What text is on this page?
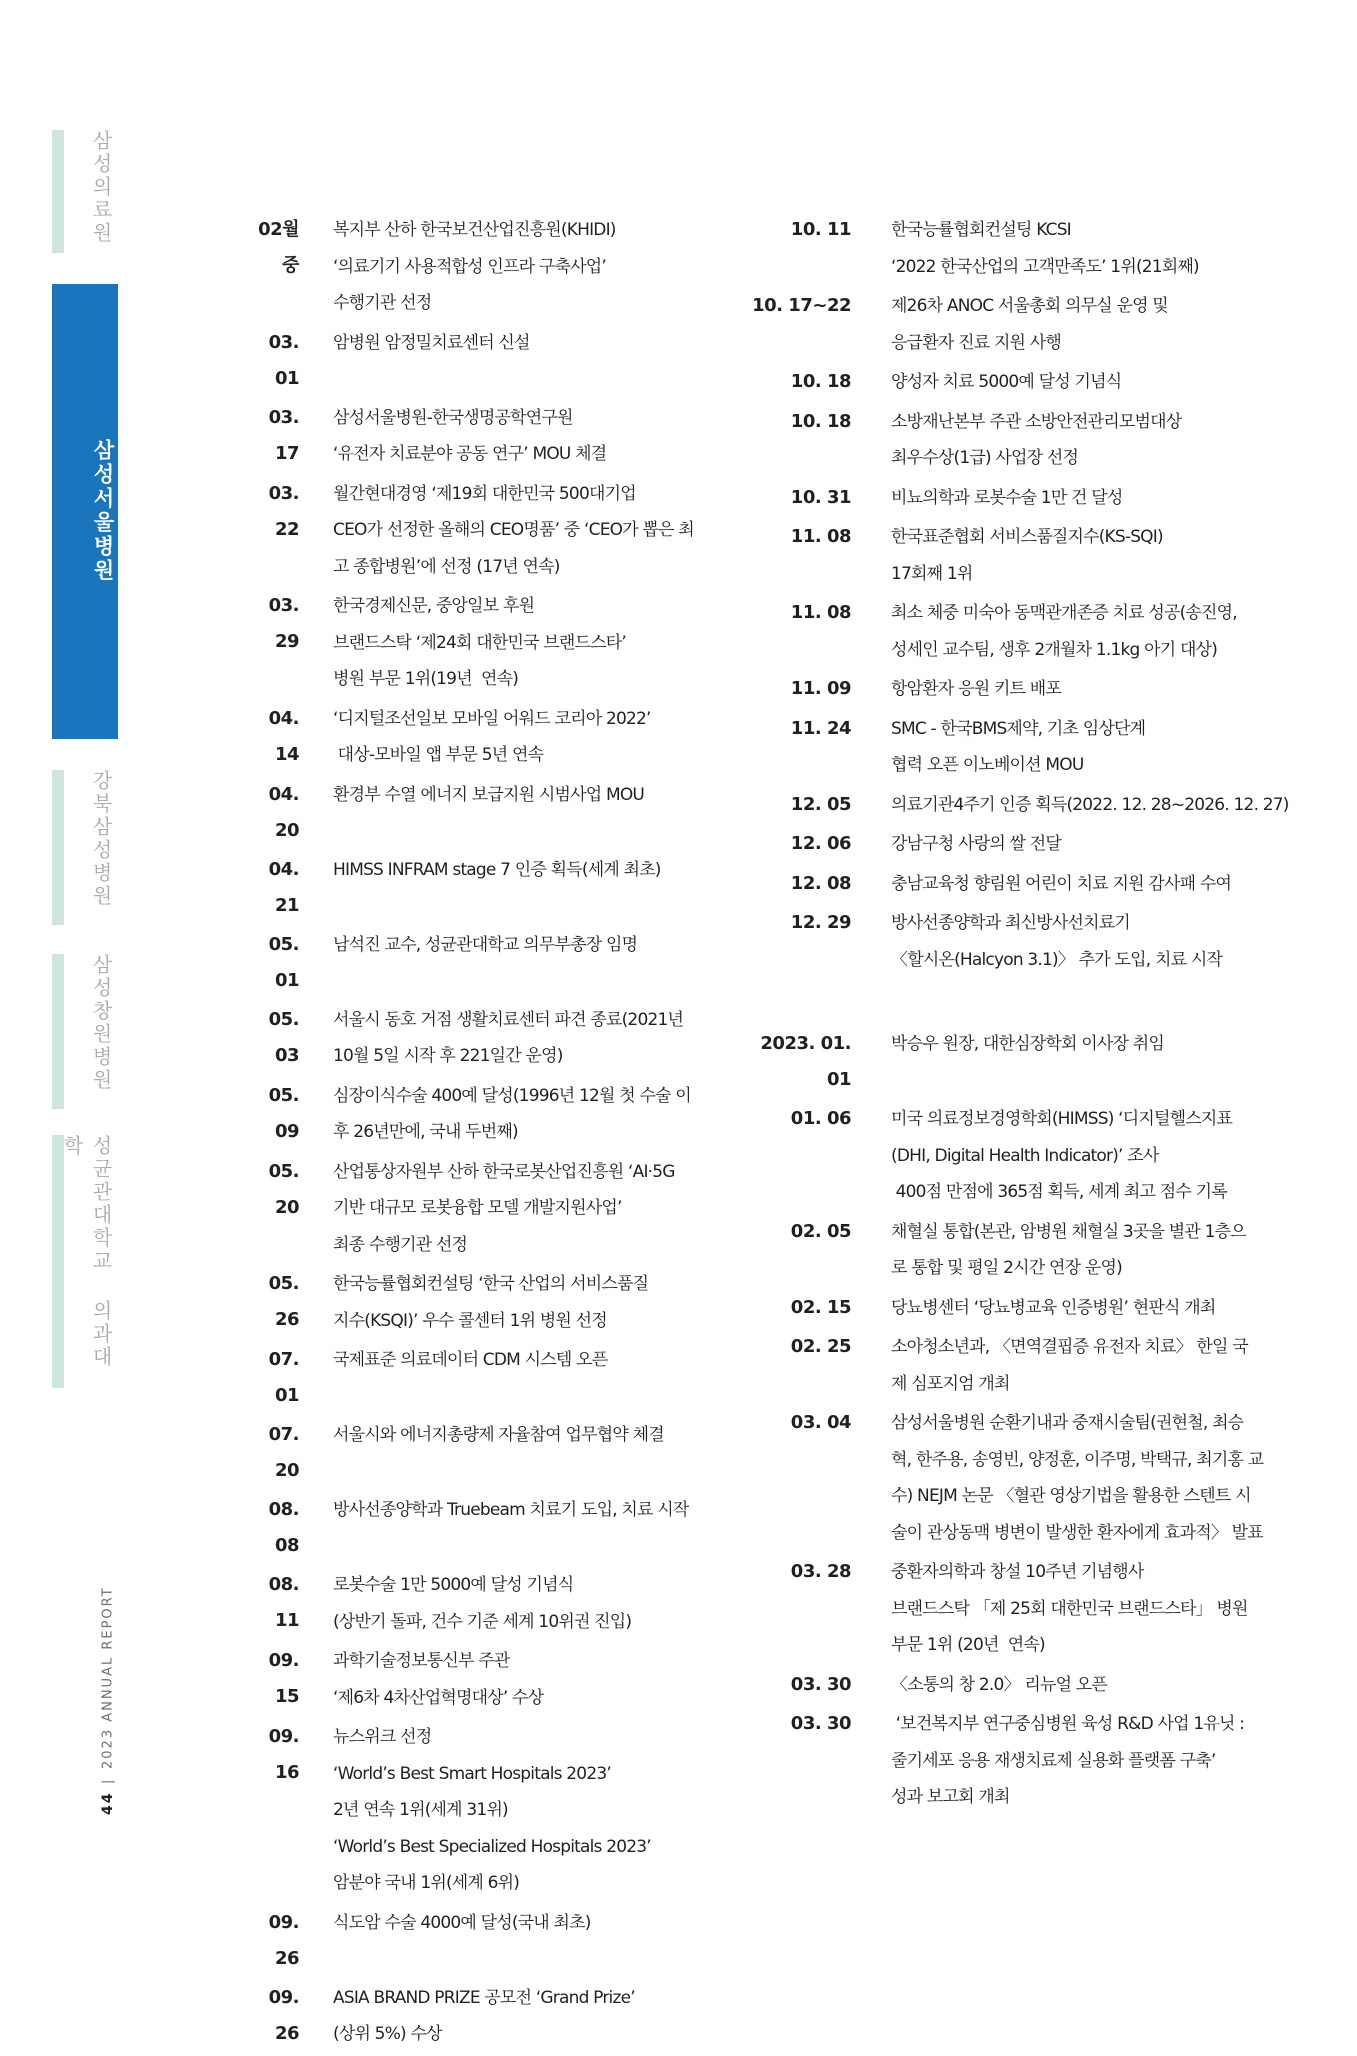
삼성의료원
삼성서울병원
강북삼성병원
삼성창원병원
성균관대학교 의과대학
44
|
2023 ANNUAL REPORT
02월 중
복지부 산하 한국보건산업진흥원(KHIDI)
‘의료기기 사용적합성 인프라 구축사업’
수행기관 선정
03. 01
암병원 암정밀치료센터 신설
03. 17
삼성서울병원-한국생명공학연구원
‘유전자 치료분야 공동 연구’ MOU 체결
03. 22
월간현대경영 ‘제19회 대한민국 500대기업
CEO가 선정한 올해의 CEO명품’ 중 ‘CEO가 뽑은 최
고 종합병원’에 선정 (17년 연속)
03. 29
한국경제신문, 중앙일보 후원
브랜드스탁 ‘제24회 대한민국 브랜드스타’
병원 부문 1위(19년  연속)
04. 14
‘디지털조선일보 모바일 어워드 코리아 2022’
대상-모바일 앱 부문 5년 연속
04. 20
환경부 수열 에너지 보급지원 시범사업 MOU
04. 21
HIMSS INFRAM stage 7 인증 획득(세계 최초)
05. 01
남석진 교수, 성균관대학교 의무부총장 임명
05. 03
서울시 동호 거점 생활치료센터 파견 종료(2021년
10월 5일 시작 후 221일간 운영)
05. 09
심장이식수술 400예 달성(1996년 12월 첫 수술 이
후 26년만에, 국내 두번째)
05. 20
산업통상자원부 산하 한국로봇산업진흥원 ‘AI·5G
기반 대규모 로봇융합 모델 개발지원사업’
최종 수행기관 선정
05. 26
한국능률협회컨설팅 ‘한국 산업의 서비스품질
지수(KSQI)’ 우수 콜센터 1위 병원 선정
07. 01
국제표준 의료데이터 CDM 시스템 오픈
07. 20
서울시와 에너지총량제 자율참여 업무협약 체결
08. 08
방사선종양학과 Truebeam 치료기 도입, 치료 시작
08. 11
로봇수술 1만 5000예 달성 기념식
(상반기 돌파, 건수 기준 세계 10위권 진입)
09. 15
과학기술정보통신부 주관
‘제6차 4차산업혁명대상’ 수상
09. 16
뉴스위크 선정
‘World’s Best Smart Hospitals 2023’
2년 연속 1위(세계 31위)
‘World’s Best Specialized Hospitals 2023’
암분야 국내 1위(세계 6위)
09. 26
식도암 수술 4000예 달성(국내 최초)
09. 26
ASIA BRAND PRIZE 공모전 ‘Grand Prize’
(상위 5%) 수상
10. 11 한국능률협회컨설팅 KCSI
‘2022 한국산업의 고객만족도’ 1위(21회째)
10. 17~22 제26차 ANOC 서울총회 의무실 운영 및
응급환자 진료 지원 사행
10. 18 양성자 치료 5000예 달성 기념식
10. 18 소방재난본부 주관 소방안전관리모범대상
최우수상(1급) 사업장 선정
10. 31 비뇨의학과 로봇수술 1만 건 달성
11. 08 한국표준협회 서비스품질지수(KS-SQI)
17회째 1위
11. 08 최소 체중 미숙아 동맥관개존증 치료 성공(송진영,
성세인 교수팀, 생후 2개월차 1.1kg 아기 대상)
11. 09 항암환자 응원 키트 배포
11. 24 SMC - 한국BMS제약, 기초 임상단계
협력 오픈 이노베이션 MOU
12. 05 의료기관4주기 인증 획득(2022. 12. 28~2026. 12. 27)
12. 06 강남구청 사랑의 쌀 전달
12. 08 충남교육청 향림원 어린이 치료 지원 감사패 수여
12. 29 방사선종양학과 최신방사선치료기
〈할시온(Halcyon 3.1)〉 추가 도입, 치료 시작
2023. 01. 01
박승우 원장, 대한심장학회 이사장 취임
01. 06 미국 의료정보경영학회(HIMSS) ‘디지털헬스지표
(DHI, Digital Health Indicator)’ 조사
400점 만점에 365점 획득, 세계 최고 점수 기록
02. 05 채혈실 통합(본관, 암병원 채혈실 3곳을 별관 1층으
로 통합 및 평일 2시간 연장 운영)
02. 15 당뇨병센터 ‘당뇨병교육 인증병원’ 현판식 개최
02. 25 소아청소년과, 〈면역결핍증 유전자 치료〉 한일 국
제 심포지엄 개최
03. 04 삼성서울병원 순환기내과 중재시술팀(권현철, 최승
혁, 한주용, 송영빈, 양정훈, 이주명, 박택규, 최기홍 교
수) NEJM 논문 〈혈관 영상기법을 활용한 스텐트 시
술이 관상동맥 병변이 발생한 환자에게 효과적〉 발표
03. 28 중환자의학과 창설 10주년 기념행사
브랜드스탁 「제 25회 대한민국 브랜드스타」 병원
부문 1위 (20년  연속)
03. 30 〈소통의 창 2.0〉 리뉴얼 오픈
03. 30 ‘보건복지부 연구중심병원 육성 R&D 사업 1유닛 :
줄기세포 응용 재생치료제 실용화 플랫폼 구축’
성과 보고회 개최
